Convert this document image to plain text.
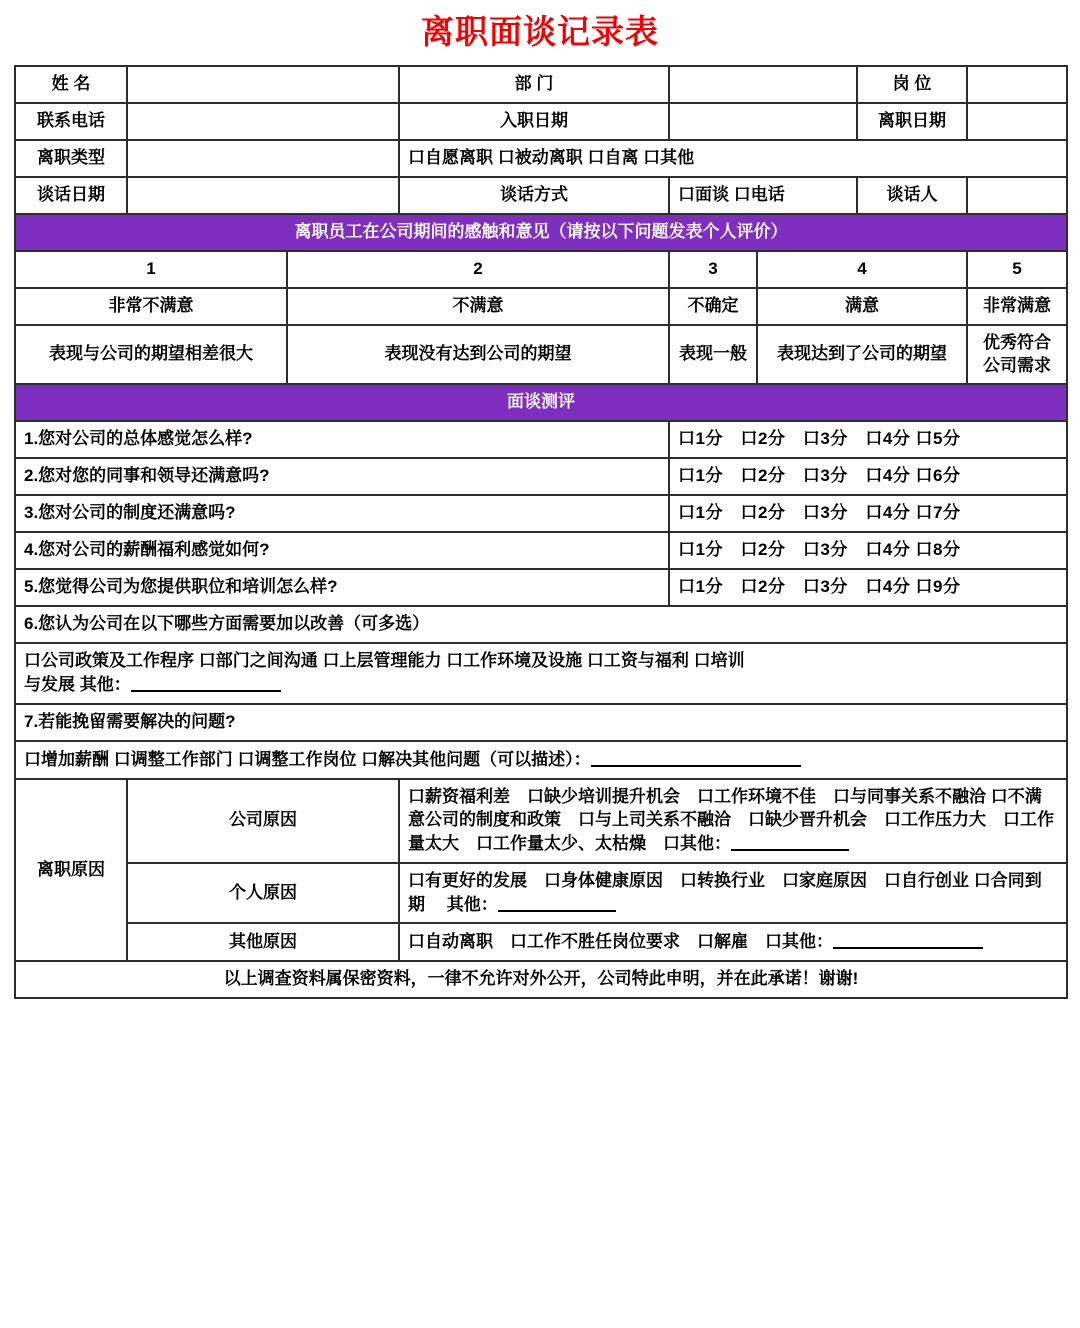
离职面谈记录表
姓 名			部 门			岗 位	
联系电话			入职日期			离职日期	
离职类型			口自愿离职 口被动离职 口自离 口其他				
谈话日期			谈话方式	口面谈 口电话		谈话人	
离职员工在公司期间的感触和意见（请按以下问题发表个人评价）							
1		2		3	4		5
非常不满意		不满意		不确定	满意		非常满意
表现与公司的期望相差很大		表现没有达到公司的期望		表现一般	表现达到了公司的期望		优秀符合公司需求
面谈测评							
1.您对公司的总体感觉怎么样?				口1分　口2分　口3分　口4分 口5分			
2.您对您的同事和领导还满意吗?				口1分　口2分　口3分　口4分 口6分			
3.您对公司的制度还满意吗?				口1分　口2分　口3分　口4分 口7分			
4.您对公司的薪酬福利感觉如何?				口1分　口2分　口3分　口4分 口8分			
5.您觉得公司为您提供职位和培训怎么样?				口1分　口2分　口3分　口4分 口9分			
6.您认为公司在以下哪些方面需要加以改善（可多选）							
口公司政策及工作程序 口部门之间沟通 口上层管理能力 口工作环境及设施 口工资与福利 口培训
与发展 其他：							
7.若能挽留需要解决的问题?							
口增加薪酬 口调整工作部门 口调整工作岗位 口解决其他问题（可以描述）：							
离职原因	公司原因		口薪资福利差　口缺少培训提升机会　口工作环境不佳　口与同事关系不融洽 口不满意公司的制度和政策　口与上司关系不融洽　口缺少晋升机会　口工作压力大　口工作量太大　口工作量太少、太枯燥　口其他：				
	个人原因		口有更好的发展　口身体健康原因　口转换行业　口家庭原因　口自行创业 口合同到期　 其他：				
	其他原因		口自动离职　口工作不胜任岗位要求　口解雇　口其他：				
以上调查资料属保密资料，一律不允许对外公开，公司特此申明，并在此承诺！谢谢!							
